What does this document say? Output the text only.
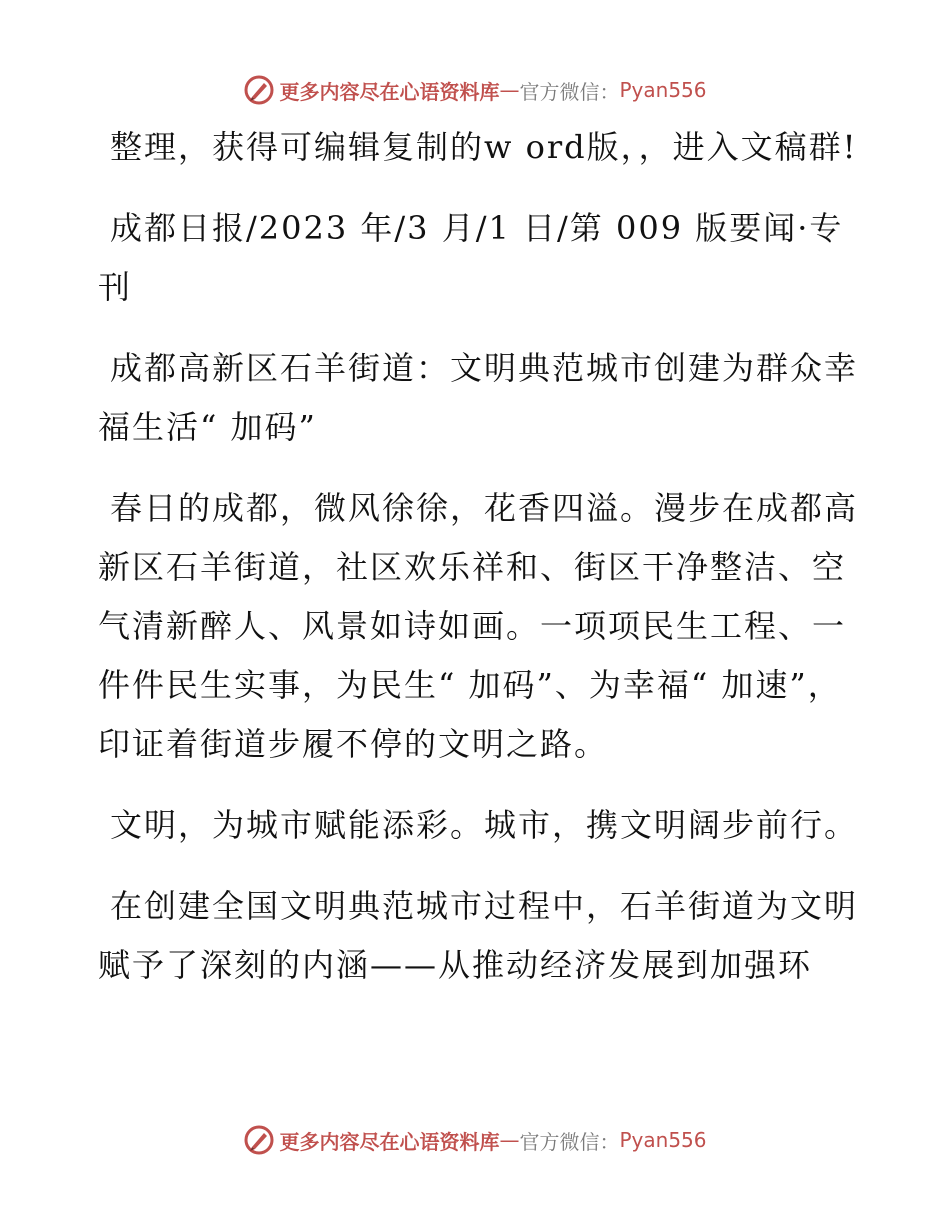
更多内容尽在心语资料库 — 官方微信： Pyan556

整理，获得可编辑复制的w ord版，，进入文稿群!

成都日报/2023 年/3 月/1 日/第 009 版要闻·专刊

成都高新区石羊街道：文明典范城市创建为群众幸福生活“ 加码”

春日的成都，微风徐徐，花香四溢。漫步在成都高新区石羊街道，社区欢乐祥和、街区干净整洁、空气清新醉人、风景如诗如画。一项项民生工程、一件件民生实事，为民生“ 加码”、为幸福“ 加速”，印证着街道步履不停的文明之路。

文明，为城市赋能添彩。城市，携文明阔步前行。

在创建全国文明典范城市过程中，石羊街道为文明赋予了深刻的内涵——从推动经济发展到加强环

更多内容尽在心语资料库 — 官方微信： Pyan556
